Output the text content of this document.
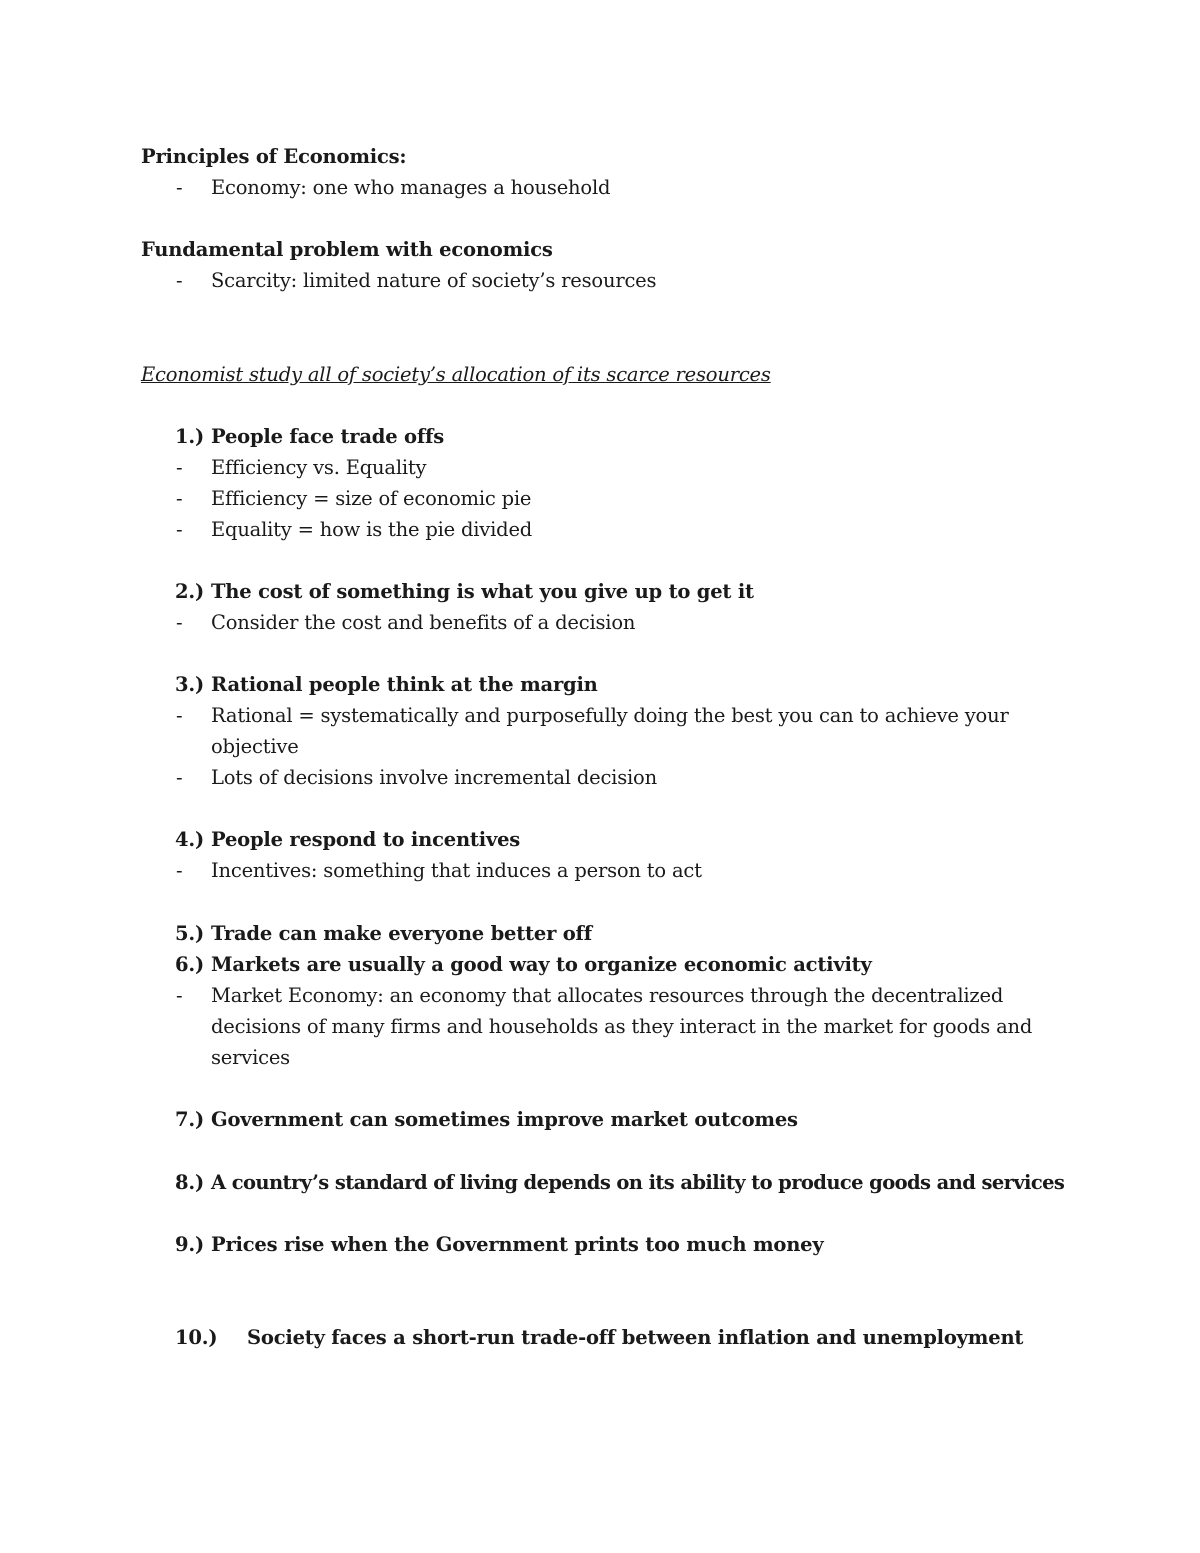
Principles of Economics:
- Economy: one who manages a household
Fundamental problem with economics
- Scarcity: limited nature of society’s resources
Economist study all of society’s allocation of its scarce resources
1.) People face trade offs
- Efficiency vs. Equality
- Efficiency = size of economic pie
- Equality = how is the pie divided
2.) The cost of something is what you give up to get it
- Consider the cost and benefits of a decision
3.) Rational people think at the margin
- Rational = systematically and purposefully doing the best you can to achieve your
objective
- Lots of decisions involve incremental decision
4.) People respond to incentives
- Incentives: something that induces a person to act
5.) Trade can make everyone better off
6.) Markets are usually a good way to organize economic activity
- Market Economy: an economy that allocates resources through the decentralized
decisions of many firms and households as they interact in the market for goods and
services
7.) Government can sometimes improve market outcomes
8.) A country’s standard of living depends on its ability to produce goods and services
9.) Prices rise when the Government prints too much money
10.) Society faces a short-run trade-off between inflation and unemployment
